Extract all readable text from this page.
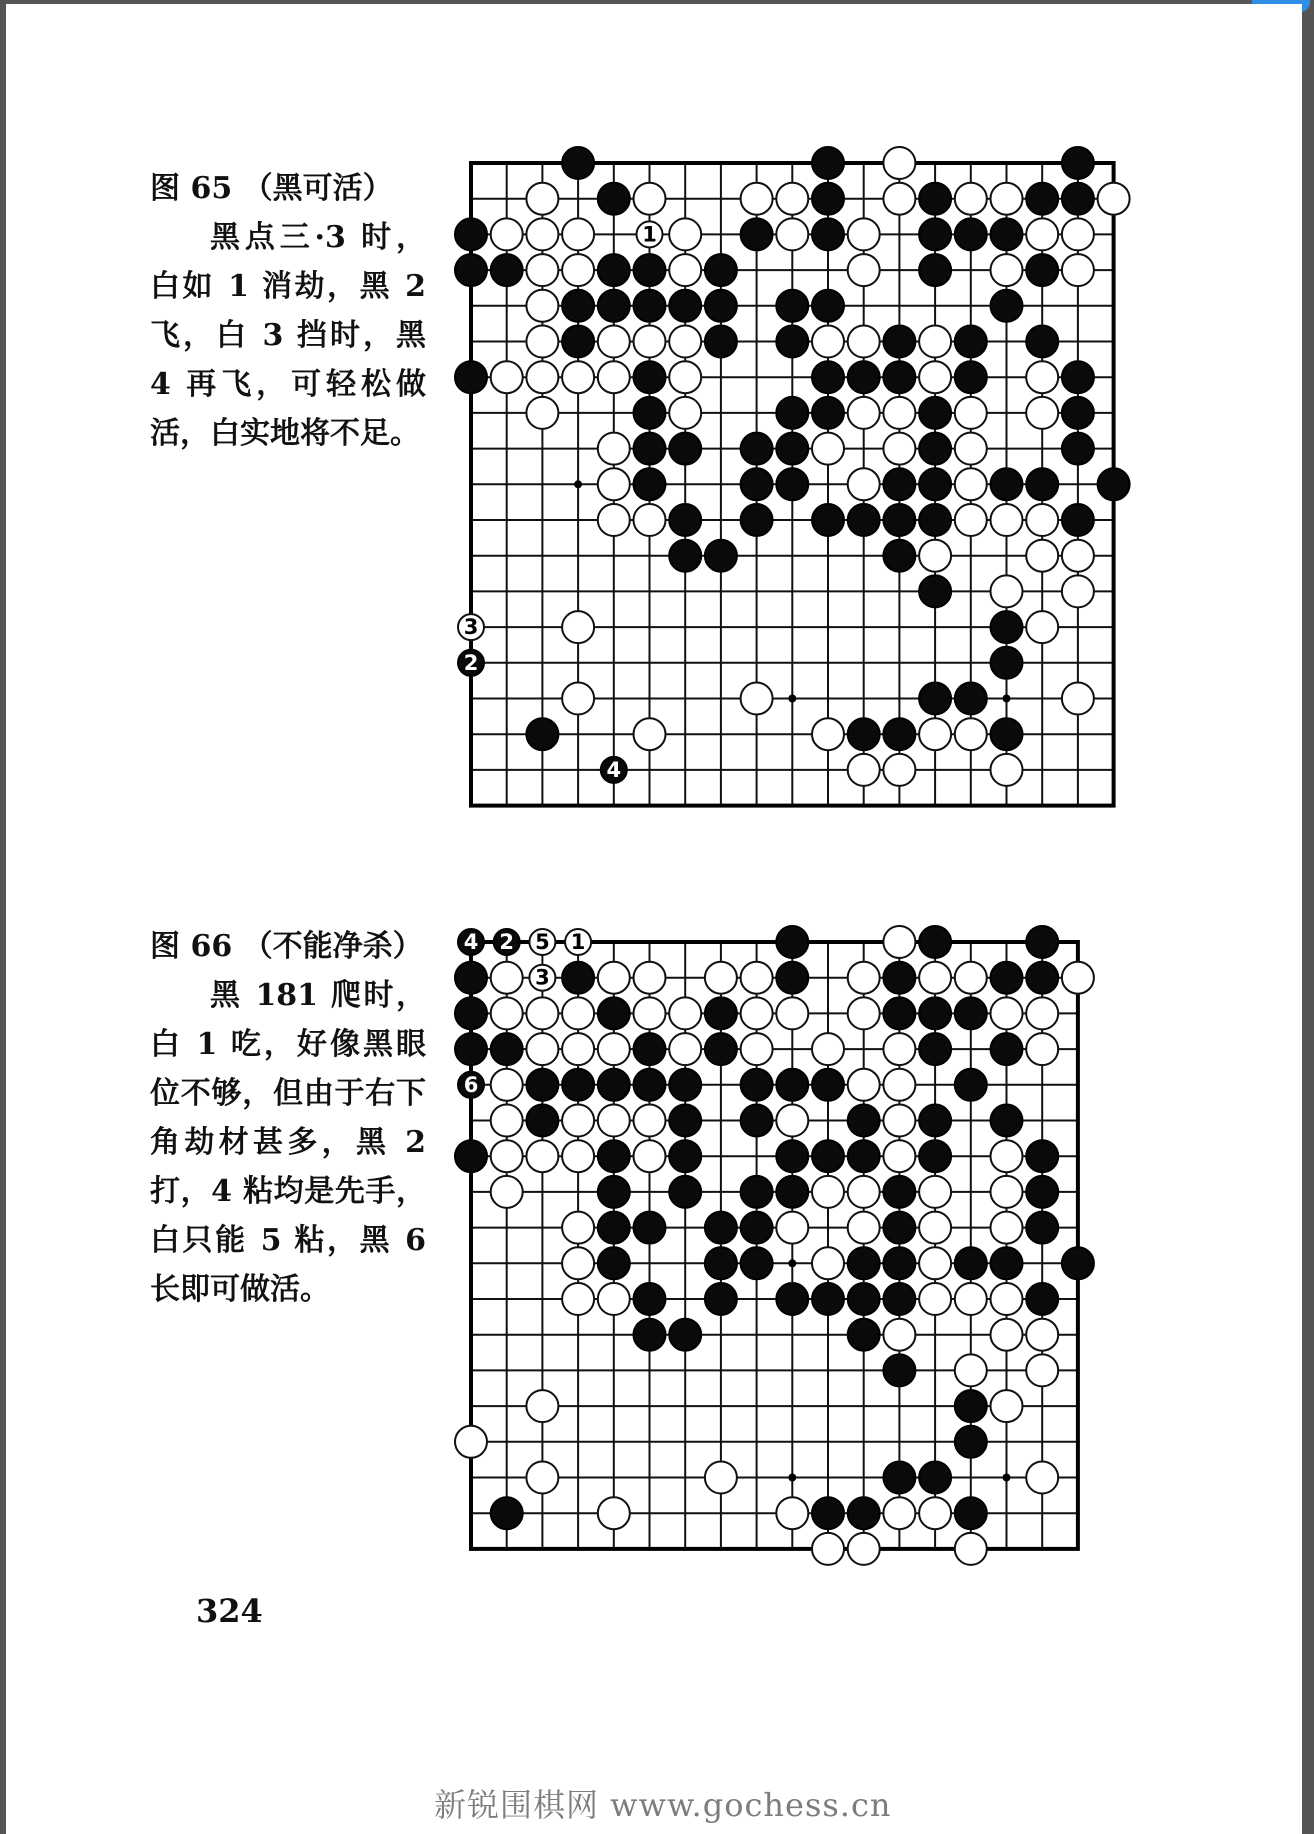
图 65 （黑可活）
黑点三·3 时，白如 1 消劫，黑 2 飞，白 3 挡时，黑 4 再飞，可轻松做活，白实地将不足。
图 66 （不能净杀）
黑 181 爬时，白 1 吃，好像黑眼位不够，但由于右下角劫材甚多，黑 2 打，4 粘均是先手，白只能 5 粘，黑 6 长即可做活。
1
3
2
4
4 2 5 1
3
6
324
新锐围棋网 www.gochess.cn
